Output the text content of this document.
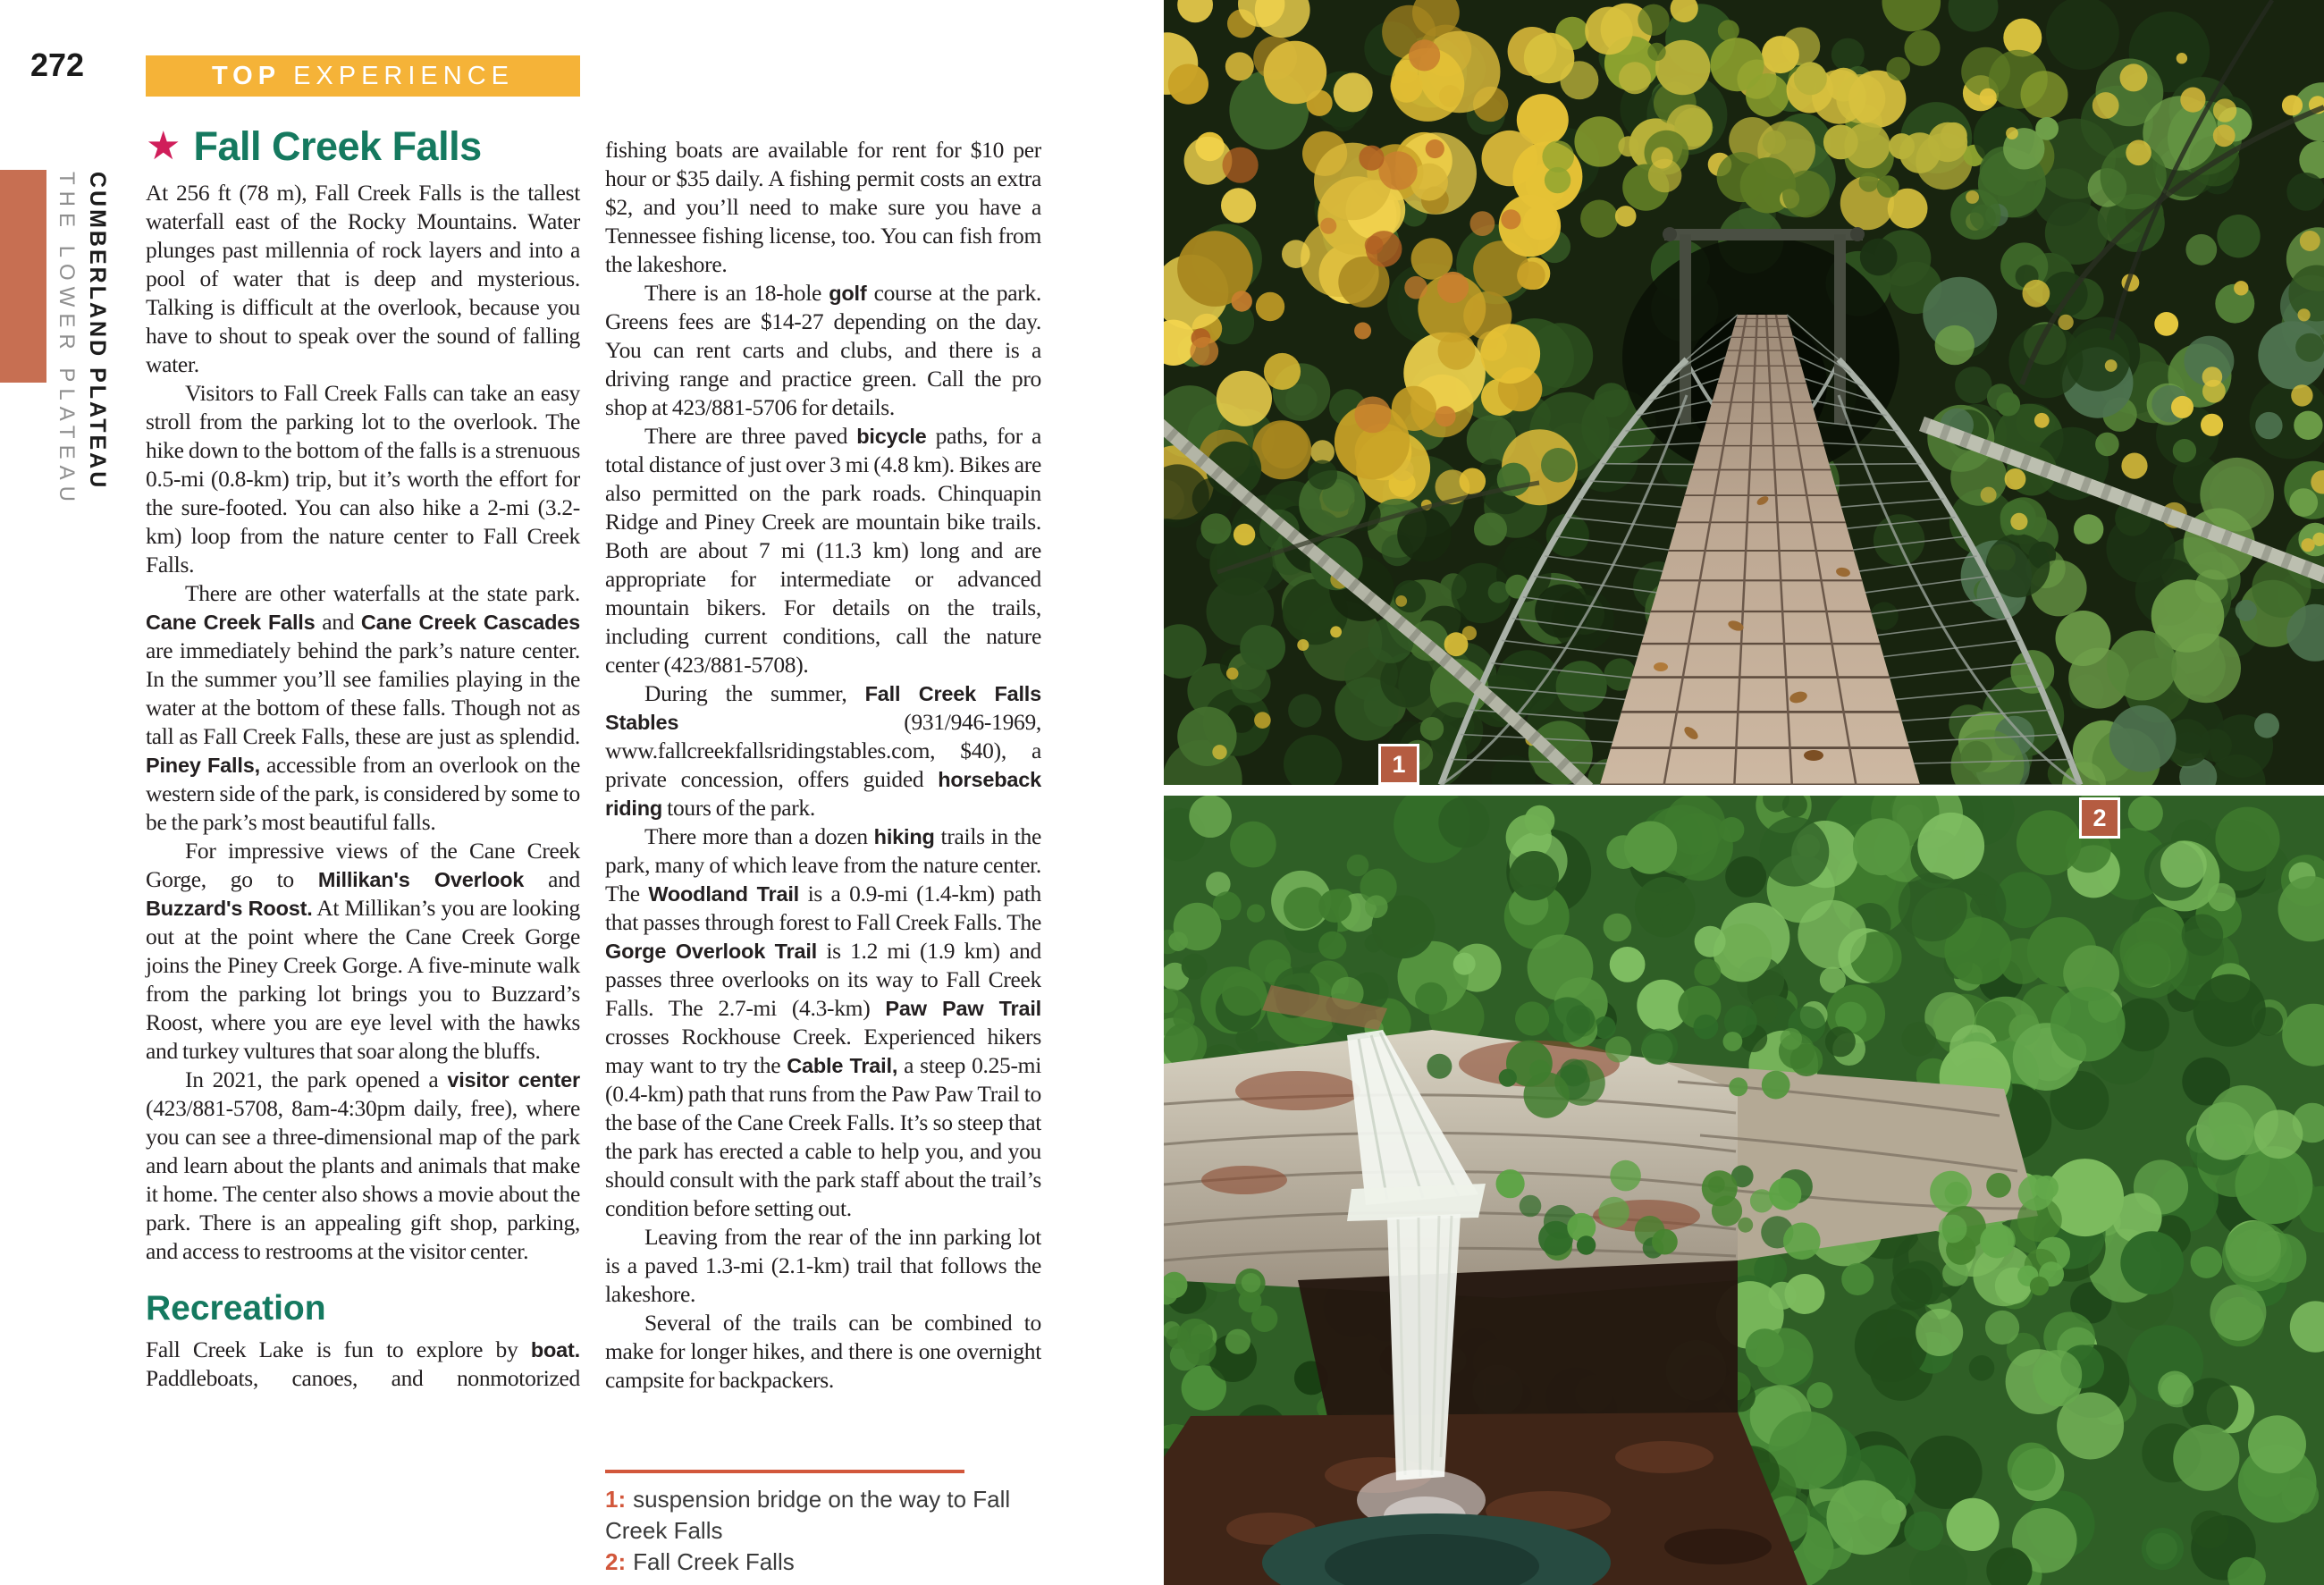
272
CUMBERLAND PLATEAU THE LOWER PLATEAU
TOP EXPERIENCE
★ Fall Creek Falls

At 256 ft (78 m), Fall Creek Falls is the tallest waterfall east of the Rocky Mountains. Water plunges past millennia of rock layers and into a pool of water that is deep and mysterious. Talking is difficult at the overlook, because you have to shout to speak over the sound of falling water.

Visitors to Fall Creek Falls can take an easy stroll from the parking lot to the overlook. The hike down to the bottom of the falls is a strenuous 0.5-mi (0.8-km) trip, but it’s worth the effort for the sure-footed. You can also hike a 2-mi (3.2-km) loop from the nature center to Fall Creek Falls.

There are other waterfalls at the state park. Cane Creek Falls and Cane Creek Cascades are immediately behind the park’s nature center. In the summer you’ll see families playing in the water at the bottom of these falls. Though not as tall as Fall Creek Falls, these are just as splendid. Piney Falls, accessible from an overlook on the western side of the park, is considered by some to be the park’s most beautiful falls.

For impressive views of the Cane Creek Gorge, go to Millikan's Overlook and Buzzard's Roost. At Millikan’s you are looking out at the point where the Cane Creek Gorge joins the Piney Creek Gorge. A five-minute walk from the parking lot brings you to Buzzard’s Roost, where you are eye level with the hawks and turkey vultures that soar along the bluffs.

In 2021, the park opened a visitor center (423/881-5708, 8am-4:30pm daily, free), where you can see a three-dimensional map of the park and learn about the plants and animals that make it home. The center also shows a movie about the park. There is an appealing gift shop, parking, and access to restrooms at the visitor center.

Recreation

Fall Creek Lake is fun to explore by boat. Paddleboats, canoes, and nonmotorized

fishing boats are available for rent for $10 per hour or $35 daily. A fishing permit costs an extra $2, and you’ll need to make sure you have a Tennessee fishing license, too. You can fish from the lakeshore.

There is an 18-hole golf course at the park. Greens fees are $14-27 depending on the day. You can rent carts and clubs, and there is a driving range and practice green. Call the pro shop at 423/881-5706 for details.

There are three paved bicycle paths, for a total distance of just over 3 mi (4.8 km). Bikes are also permitted on the park roads. Chinquapin Ridge and Piney Creek are mountain bike trails. Both are about 7 mi (11.3 km) long and are appropriate for intermediate or advanced mountain bikers. For details on the trails, including current conditions, call the nature center (423/881-5708).

During the summer, Fall Creek Falls Stables (931/946-1969, www.fallcreekfallsridingstables.com, $40), a private concession, offers guided horseback riding tours of the park.

There more than a dozen hiking trails in the park, many of which leave from the nature center. The Woodland Trail is a 0.9-mi (1.4-km) path that passes through forest to Fall Creek Falls. The Gorge Overlook Trail is 1.2 mi (1.9 km) and passes three overlooks on its way to Fall Creek Falls. The 2.7-mi (4.3-km) Paw Paw Trail crosses Rockhouse Creek. Experienced hikers may want to try the Cable Trail, a steep 0.25-mi (0.4-km) path that runs from the Paw Paw Trail to the base of the Cane Creek Falls. It’s so steep that the park has erected a cable to help you, and you should consult with the park staff about the trail’s condition before setting out.

Leaving from the rear of the inn parking lot is a paved 1.3-mi (2.1-km) trail that follows the lakeshore.

Several of the trails can be combined to make for longer hikes, and there is one overnight campsite for backpackers.

1: suspension bridge on the way to Fall Creek Falls
2: Fall Creek Falls
1
2
